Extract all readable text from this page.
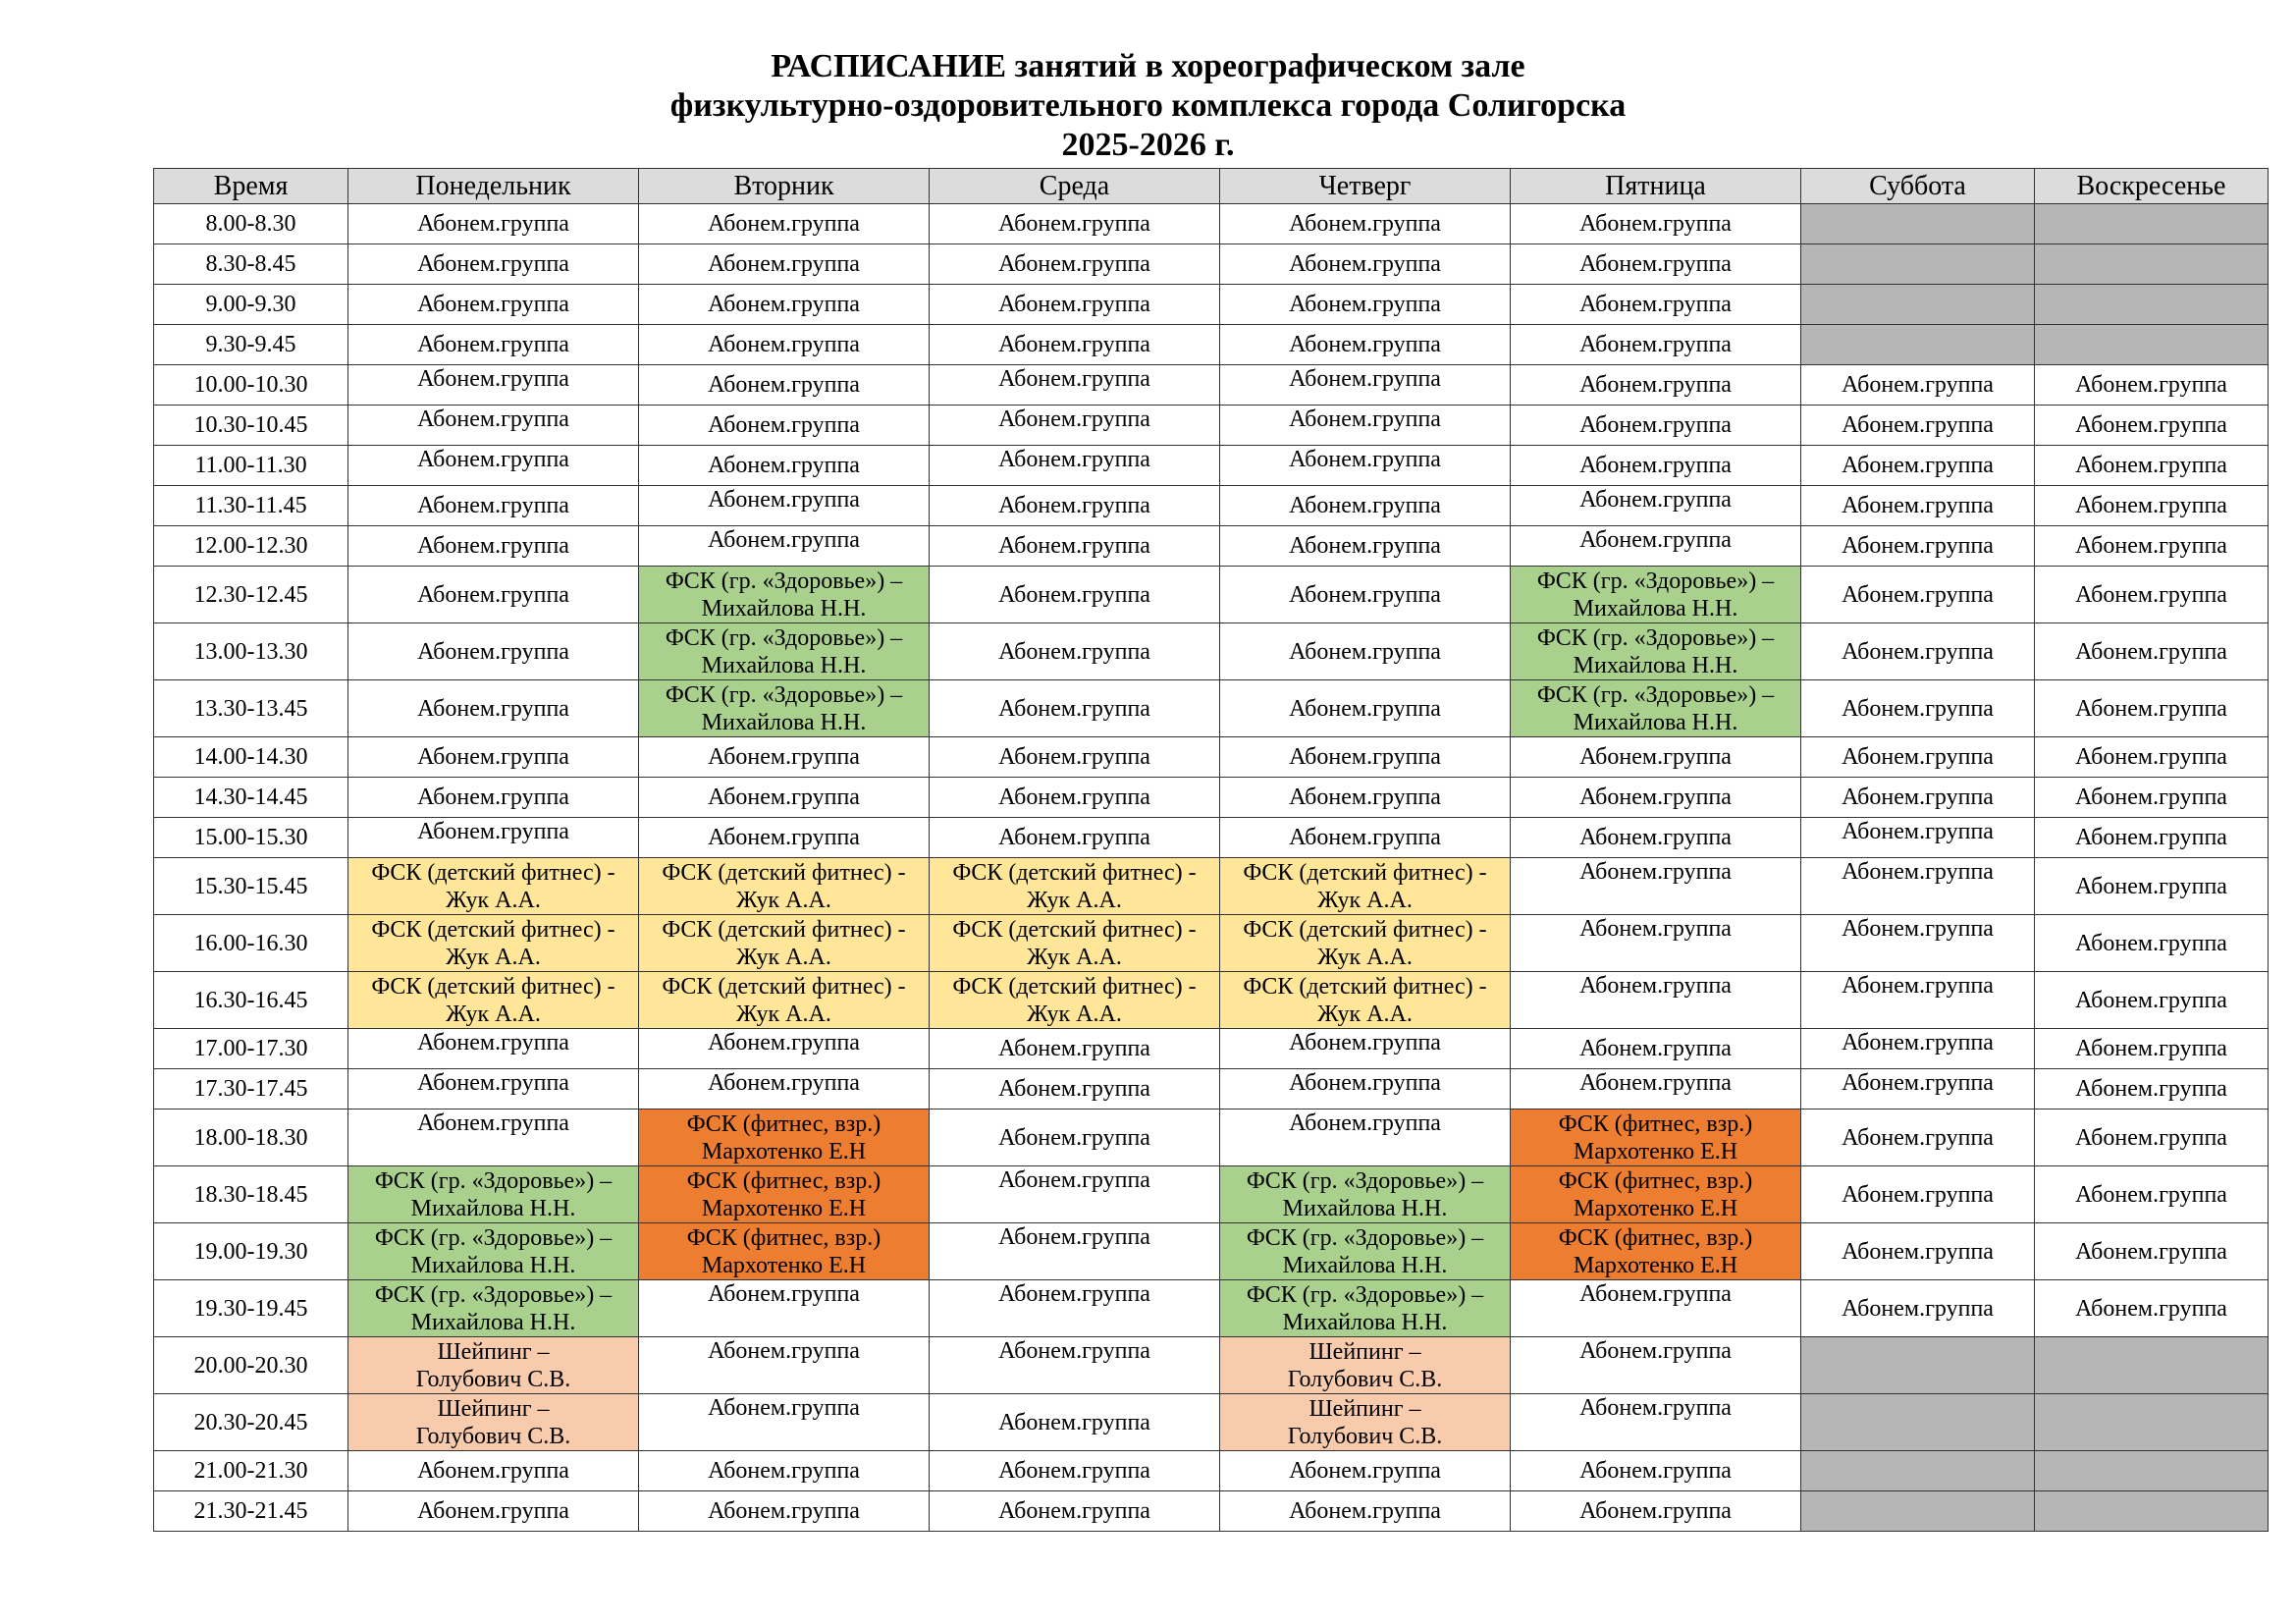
РАСПИСАНИЕ занятий в хореографическом зале
физкультурно-оздоровительного комплекса города Солигорска
2025-2026 г.
Время	Понедельник	Вторник	Среда	Четверг	Пятница	Суббота	Воскресенье
8.00-8.30	Абонем.группа	Абонем.группа	Абонем.группа	Абонем.группа	Абонем.группа		

8.30-8.45	Абонем.группа	Абонем.группа	Абонем.группа	Абонем.группа	Абонем.группа		

9.00-9.30	Абонем.группа	Абонем.группа	Абонем.группа	Абонем.группа	Абонем.группа		

9.30-9.45	Абонем.группа	Абонем.группа	Абонем.группа	Абонем.группа	Абонем.группа		

10.00-10.30	Абонем.группа	Абонем.группа	Абонем.группа	Абонем.группа	Абонем.группа	Абонем.группа	Абонем.группа

10.30-10.45	Абонем.группа	Абонем.группа	Абонем.группа	Абонем.группа	Абонем.группа	Абонем.группа	Абонем.группа

11.00-11.30	Абонем.группа	Абонем.группа	Абонем.группа	Абонем.группа	Абонем.группа	Абонем.группа	Абонем.группа

11.30-11.45	Абонем.группа	Абонем.группа	Абонем.группа	Абонем.группа	Абонем.группа	Абонем.группа	Абонем.группа

12.00-12.30	Абонем.группа	Абонем.группа	Абонем.группа	Абонем.группа	Абонем.группа	Абонем.группа	Абонем.группа

12.30-12.45	Абонем.группа	ФСК (гр. «Здоровье») –
Михайлова Н.Н.	Абонем.группа	Абонем.группа	ФСК (гр. «Здоровье») –
Михайлова Н.Н.	Абонем.группа	Абонем.группа

13.00-13.30	Абонем.группа	ФСК (гр. «Здоровье») –
Михайлова Н.Н.	Абонем.группа	Абонем.группа	ФСК (гр. «Здоровье») –
Михайлова Н.Н.	Абонем.группа	Абонем.группа

13.30-13.45	Абонем.группа	ФСК (гр. «Здоровье») –
Михайлова Н.Н.	Абонем.группа	Абонем.группа	ФСК (гр. «Здоровье») –
Михайлова Н.Н.	Абонем.группа	Абонем.группа

14.00-14.30	Абонем.группа	Абонем.группа	Абонем.группа	Абонем.группа	Абонем.группа	Абонем.группа	Абонем.группа

14.30-14.45	Абонем.группа	Абонем.группа	Абонем.группа	Абонем.группа	Абонем.группа	Абонем.группа	Абонем.группа

15.00-15.30	Абонем.группа	Абонем.группа	Абонем.группа	Абонем.группа	Абонем.группа	Абонем.группа	Абонем.группа

15.30-15.45	ФСК (детский фитнес) -
Жук А.А.	ФСК (детский фитнес) -
Жук А.А.	ФСК (детский фитнес) -
Жук А.А.	ФСК (детский фитнес) -
Жук А.А.	Абонем.группа	Абонем.группа	Абонем.группа

16.00-16.30	ФСК (детский фитнес) -
Жук А.А.	ФСК (детский фитнес) -
Жук А.А.	ФСК (детский фитнес) -
Жук А.А.	ФСК (детский фитнес) -
Жук А.А.	Абонем.группа	Абонем.группа	Абонем.группа

16.30-16.45	ФСК (детский фитнес) -
Жук А.А.	ФСК (детский фитнес) -
Жук А.А.	ФСК (детский фитнес) -
Жук А.А.	ФСК (детский фитнес) -
Жук А.А.	Абонем.группа	Абонем.группа	Абонем.группа

17.00-17.30	Абонем.группа	Абонем.группа	Абонем.группа	Абонем.группа	Абонем.группа	Абонем.группа	Абонем.группа

17.30-17.45	Абонем.группа	Абонем.группа	Абонем.группа	Абонем.группа	Абонем.группа	Абонем.группа	Абонем.группа

18.00-18.30	Абонем.группа	ФСК (фитнес, взр.)
Мархотенко Е.Н	Абонем.группа	Абонем.группа	ФСК (фитнес, взр.)
Мархотенко Е.Н	Абонем.группа	Абонем.группа

18.30-18.45	ФСК (гр. «Здоровье») –
Михайлова Н.Н.	ФСК (фитнес, взр.)
Мархотенко Е.Н	Абонем.группа	ФСК (гр. «Здоровье») –
Михайлова Н.Н.	ФСК (фитнес, взр.)
Мархотенко Е.Н	Абонем.группа	Абонем.группа

19.00-19.30	ФСК (гр. «Здоровье») –
Михайлова Н.Н.	ФСК (фитнес, взр.)
Мархотенко Е.Н	Абонем.группа	ФСК (гр. «Здоровье») –
Михайлова Н.Н.	ФСК (фитнес, взр.)
Мархотенко Е.Н	Абонем.группа	Абонем.группа

19.30-19.45	ФСК (гр. «Здоровье») –
Михайлова Н.Н.	Абонем.группа	Абонем.группа	ФСК (гр. «Здоровье») –
Михайлова Н.Н.	Абонем.группа	Абонем.группа	Абонем.группа

20.00-20.30	Шейпинг –
Голубович С.В.	Абонем.группа	Абонем.группа	Шейпинг –
Голубович С.В.	Абонем.группа		

20.30-20.45	Шейпинг –
Голубович С.В.	Абонем.группа	Абонем.группа	Шейпинг –
Голубович С.В.	Абонем.группа		

21.00-21.30	Абонем.группа	Абонем.группа	Абонем.группа	Абонем.группа	Абонем.группа		

21.30-21.45	Абонем.группа	Абонем.группа	Абонем.группа	Абонем.группа	Абонем.группа		
